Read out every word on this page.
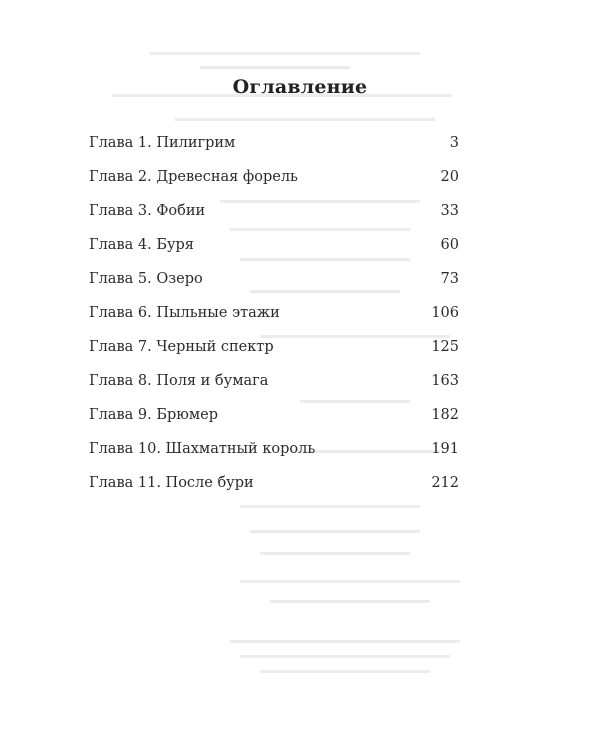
Оглавление
Глава 1. Пилигрим	3
Глава 2. Древесная форель	20
Глава 3. Фобии	33
Глава 4. Буря	60
Глава 5. Озеро	73
Глава 6. Пыльные этажи	106
Глава 7. Черный спектр	125
Глава 8. Поля и бумага	163
Глава 9. Брюмер	182
Глава 10. Шахматный король	191
Глава 11. После бури	212
